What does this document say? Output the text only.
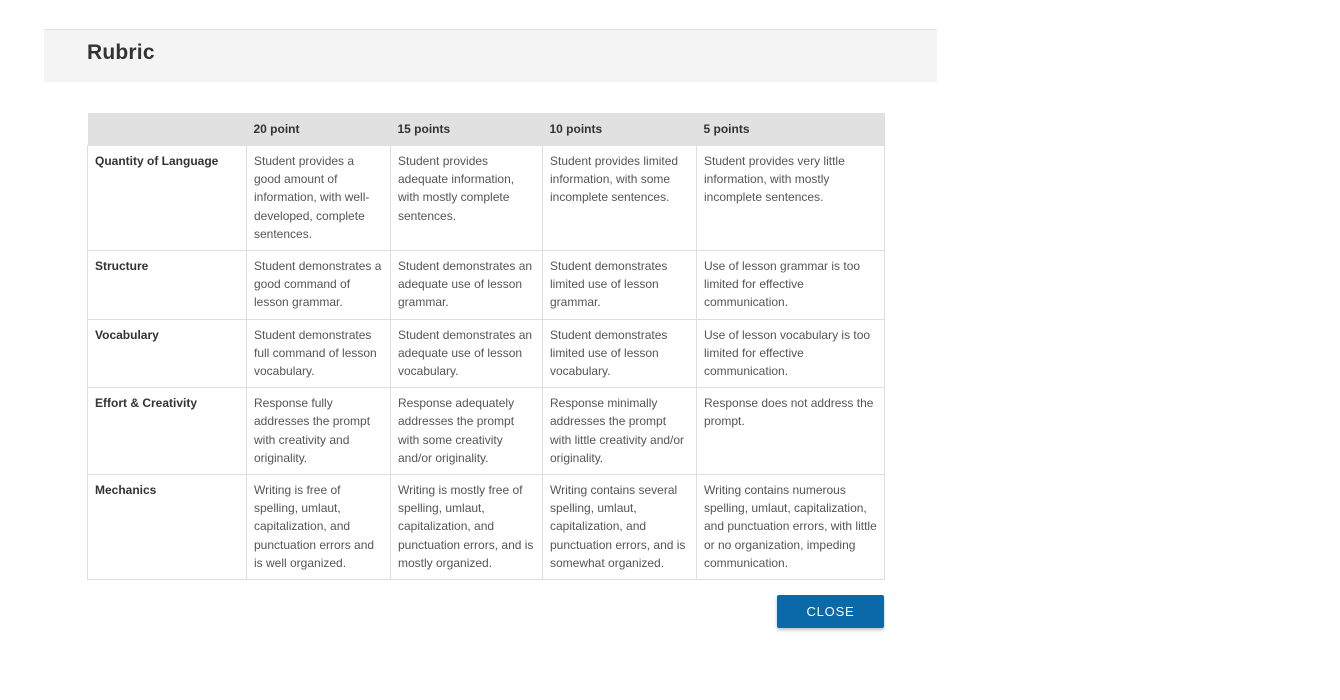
Rubric
	20 point	15 points	10 points	5 points
Quantity of Language	Student provides a good amount of information, with well-developed, complete sentences.	Student provides adequate information, with mostly complete sentences.	Student provides limited information, with some incomplete sentences.	Student provides very little information, with mostly incomplete sentences.
Structure	Student demonstrates a good command of lesson grammar.	Student demonstrates an adequate use of lesson grammar.	Student demonstrates limited use of lesson grammar.	Use of lesson grammar is too limited for effective communication.
Vocabulary	Student demonstrates full command of lesson vocabulary.	Student demonstrates an adequate use of lesson vocabulary.	Student demonstrates limited use of lesson vocabulary.	Use of lesson vocabulary is too limited for effective communication.
Effort & Creativity	Response fully addresses the prompt with creativity and originality.	Response adequately addresses the prompt with some creativity and/or originality.	Response minimally addresses the prompt with little creativity and/or originality.	Response does not address the prompt.
Mechanics	Writing is free of spelling, umlaut, capitalization, and punctuation errors and is well organized.	Writing is mostly free of spelling, umlaut, capitalization, and punctuation errors, and is mostly organized.	Writing contains several spelling, umlaut, capitalization, and punctuation errors, and is somewhat organized.	Writing contains numerous spelling, umlaut, capitalization, and punctuation errors, with little or no organization, impeding communication.
CLOSE
